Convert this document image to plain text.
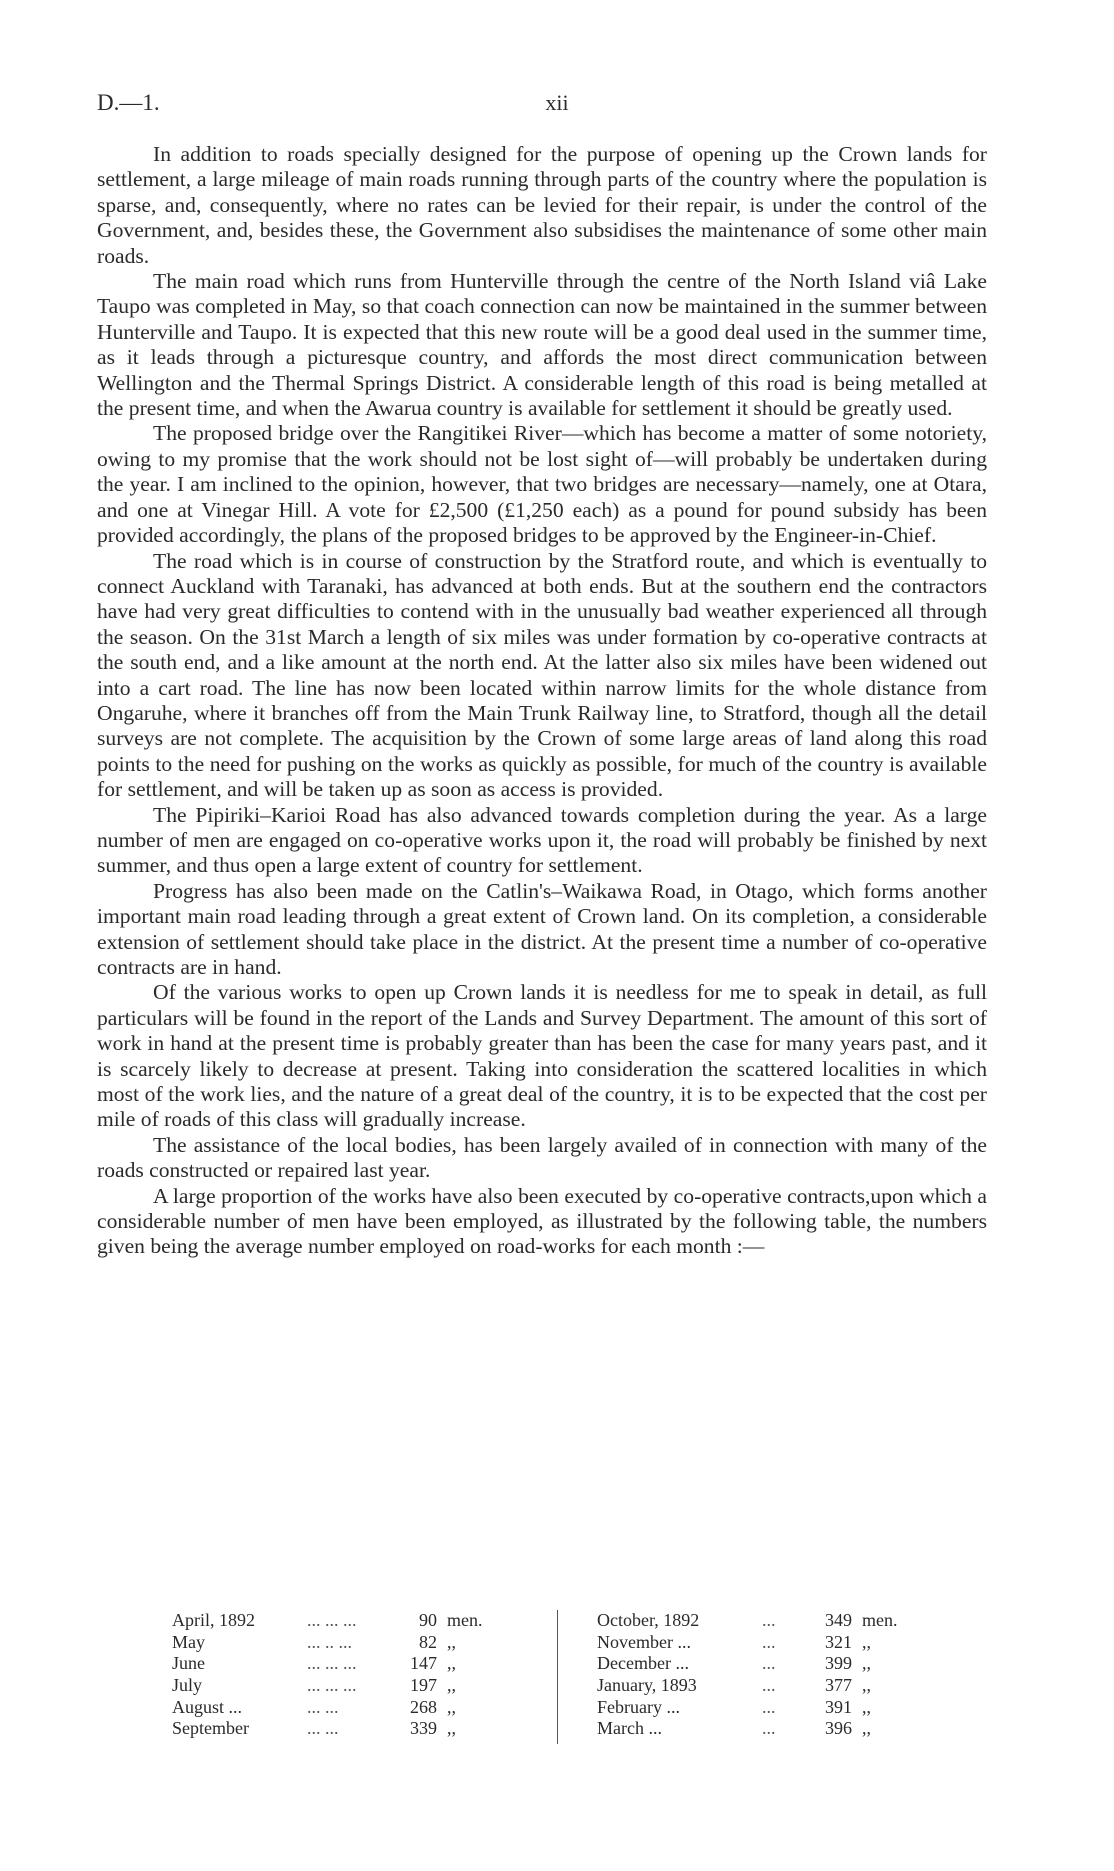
D.—1.	xii

In addition to roads specially designed for the purpose of opening up the Crown lands for settlement, a large mileage of main roads running through parts of the country where the population is sparse, and, consequently, where no rates can be levied for their repair, is under the control of the Government, and, besides these, the Government also subsidises the maintenance of some other main roads.

The main road which runs from Hunterville through the centre of the North Island viâ Lake Taupo was completed in May, so that coach connection can now be maintained in the summer between Hunterville and Taupo. It is expected that this new route will be a good deal used in the summer time, as it leads through a picturesque country, and affords the most direct communication between Wellington and the Thermal Springs District. A considerable length of this road is being metalled at the present time, and when the Awarua country is available for settlement it should be greatly used.

The proposed bridge over the Rangitikei River—which has become a matter of some notoriety, owing to my promise that the work should not be lost sight of—will probably be undertaken during the year. I am inclined to the opinion, however, that two bridges are necessary—namely, one at Otara, and one at Vinegar Hill. A vote for £2,500 (£1,250 each) as a pound for pound subsidy has been provided accordingly, the plans of the proposed bridges to be approved by the Engineer-in-Chief.

The road which is in course of construction by the Stratford route, and which is eventually to connect Auckland with Taranaki, has advanced at both ends. But at the southern end the contractors have had very great difficulties to contend with in the unusually bad weather experienced all through the season. On the 31st March a length of six miles was under formation by co-operative contracts at the south end, and a like amount at the north end. At the latter also six miles have been widened out into a cart road. The line has now been located within narrow limits for the whole distance from Ongaruhe, where it branches off from the Main Trunk Railway line, to Stratford, though all the detail surveys are not complete. The acquisition by the Crown of some large areas of land along this road points to the need for pushing on the works as quickly as possible, for much of the country is available for settlement, and will be taken up as soon as access is provided.

The Pipiriki–Karioi Road has also advanced towards completion during the year. As a large number of men are engaged on co-operative works upon it, the road will probably be finished by next summer, and thus open a large extent of country for settlement.

Progress has also been made on the Catlin's–Waikawa Road, in Otago, which forms another important main road leading through a great extent of Crown land. On its completion, a considerable extension of settlement should take place in the district. At the present time a number of co-operative contracts are in hand.

Of the various works to open up Crown lands it is needless for me to speak in detail, as full particulars will be found in the report of the Lands and Survey Department. The amount of this sort of work in hand at the present time is probably greater than has been the case for many years past, and it is scarcely likely to decrease at present. Taking into consideration the scattered localities in which most of the work lies, and the nature of a great deal of the country, it is to be expected that the cost per mile of roads of this class will gradually increase.

The assistance of the local bodies, has been largely availed of in connection with many of the roads constructed or repaired last year.

A large proportion of the works have also been executed by co-operative contracts,upon which a considerable number of men have been employed, as illustrated by the following table, the numbers given being the average number employed on road-works for each month :—

April, 1892	... ... ...	90 men.
May	... .. ...	82 ,,
June	... ... ...	147 ,,
July	... ... ...	197 ,,
August ...	... ...	268 ,,
September	... ...	339 ,,
October, 1892	...	349 men.
November ...	...	321 ,,
December ...	...	399 ,,
January, 1893	...	377 ,,
February ...	...	391 ,,
March ...	...	396 ,,
